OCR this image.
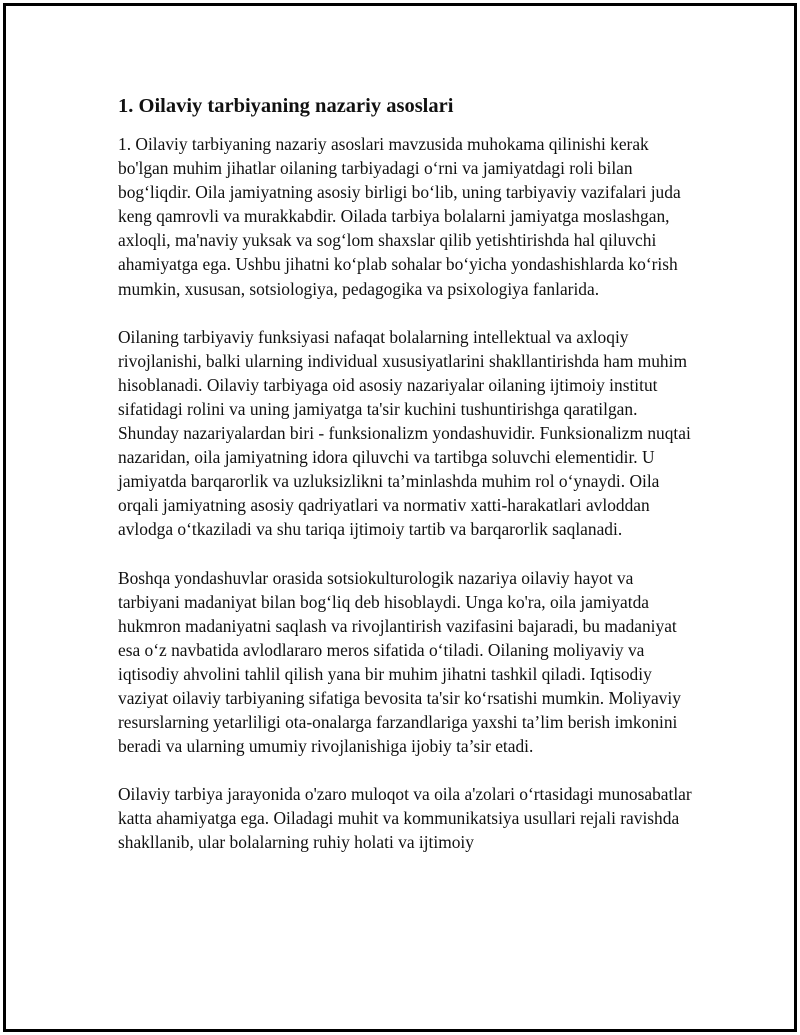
1. Oilaviy tarbiyaning nazariy asoslari

1. Oilaviy tarbiyaning nazariy asoslari mavzusida muhokama qilinishi kerak bo'lgan muhim jihatlar oilaning tarbiyadagi o‘rni va jamiyatdagi roli bilan bog‘liqdir. Oila jamiyatning asosiy birligi bo‘lib, uning tarbiyaviy vazifalari juda keng qamrovli va murakkabdir. Oilada tarbiya bolalarni jamiyatga moslashgan, axloqli, ma'naviy yuksak va sog‘lom shaxslar qilib yetishtirishda hal qiluvchi ahamiyatga ega. Ushbu jihatni ko‘plab sohalar bo‘yicha yondashishlarda ko‘rish mumkin, xususan, sotsiologiya, pedagogika va psixologiya fanlarida.

Oilaning tarbiyaviy funksiyasi nafaqat bolalarning intellektual va axloqiy rivojlanishi, balki ularning individual xususiyatlarini shakllantirishda ham muhim hisoblanadi. Oilaviy tarbiyaga oid asosiy nazariyalar oilaning ijtimoiy institut sifatidagi rolini va uning jamiyatga ta'sir kuchini tushuntirishga qaratilgan. Shunday nazariyalardan biri - funksionalizm yondashuvidir. Funksionalizm nuqtai nazaridan, oila jamiyatning idora qiluvchi va tartibga soluvchi elementidir. U jamiyatda barqarorlik va uzluksizlikni ta’minlashda muhim rol o‘ynaydi. Oila orqali jamiyatning asosiy qadriyatlari va normativ xatti-harakatlari avloddan avlodga o‘tkaziladi va shu tariqa ijtimoiy tartib va barqarorlik saqlanadi.

Boshqa yondashuvlar orasida sotsiokulturologik nazariya oilaviy hayot va tarbiyani madaniyat bilan bog‘liq deb hisoblaydi. Unga ko'ra, oila jamiyatda hukmron madaniyatni saqlash va rivojlantirish vazifasini bajaradi, bu madaniyat esa o‘z navbatida avlodlararo meros sifatida o‘tiladi. Oilaning moliyaviy va iqtisodiy ahvolini tahlil qilish yana bir muhim jihatni tashkil qiladi. Iqtisodiy vaziyat oilaviy tarbiyaning sifatiga bevosita ta'sir ko‘rsatishi mumkin. Moliyaviy resurslarning yetarliligi ota-onalarga farzandlariga yaxshi ta’lim berish imkonini beradi va ularning umumiy rivojlanishiga ijobiy ta’sir etadi.

Oilaviy tarbiya jarayonida o'zaro muloqot va oila a'zolari o‘rtasidagi munosabatlar katta ahamiyatga ega. Oiladagi muhit va kommunikatsiya usullari rejali ravishda shakllanib, ular bolalarning ruhiy holati va ijtimoiy
